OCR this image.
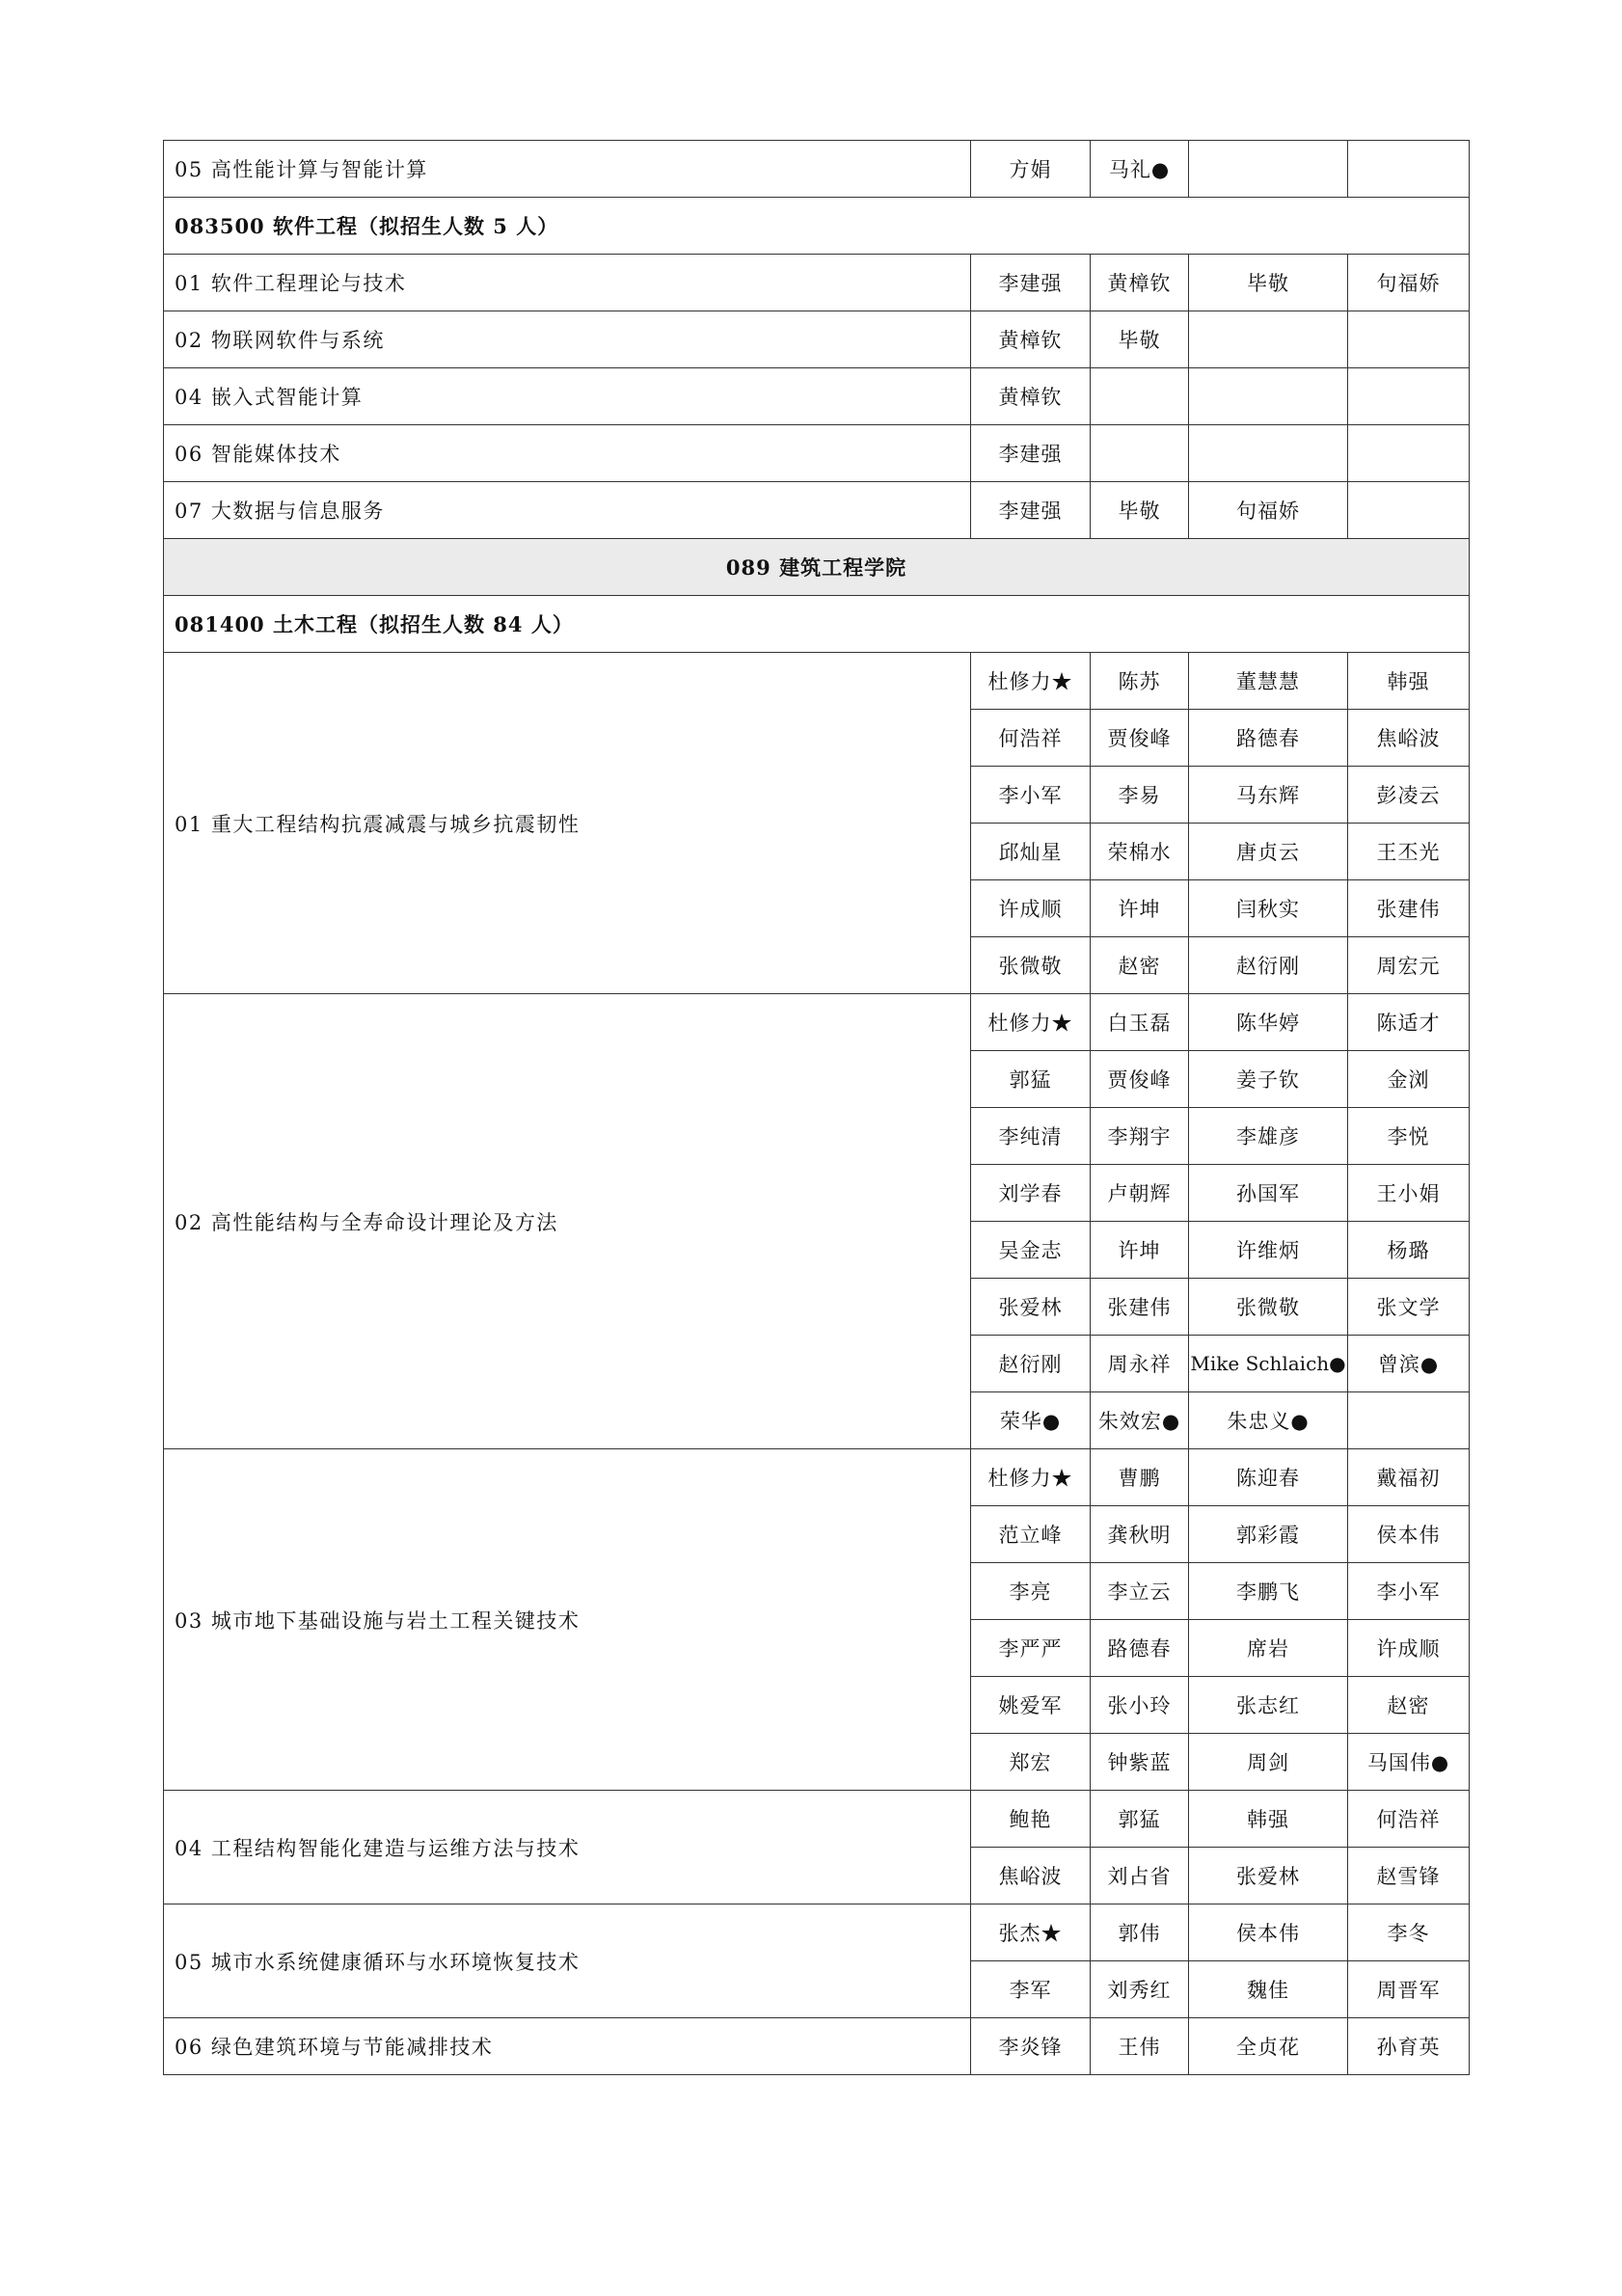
05 高性能计算与智能计算	方娟	马礼●		
083500 软件工程（拟招生人数 5 人）				
01 软件工程理论与技术	李建强	黄樟钦	毕敬	句福娇
02 物联网软件与系统	黄樟钦	毕敬		
04 嵌入式智能计算	黄樟钦			
06 智能媒体技术	李建强			
07 大数据与信息服务	李建强	毕敬	句福娇	
089 建筑工程学院				
081400 土木工程（拟招生人数 84 人）				
01 重大工程结构抗震减震与城乡抗震韧性	杜修力★	陈苏	董慧慧	韩强
	何浩祥	贾俊峰	路德春	焦峪波
	李小军	李易	马东辉	彭凌云
	邱灿星	荣棉水	唐贞云	王丕光
	许成顺	许坤	闫秋实	张建伟
	张微敬	赵密	赵衍刚	周宏元
02 高性能结构与全寿命设计理论及方法	杜修力★	白玉磊	陈华婷	陈适才
	郭猛	贾俊峰	姜子钦	金浏
	李纯清	李翔宇	李雄彦	李悦
	刘学春	卢朝辉	孙国军	王小娟
	吴金志	许坤	许维炳	杨璐
	张爱林	张建伟	张微敬	张文学
	赵衍刚	周永祥	Mike Schlaich●	曾滨●
	荣华●	朱效宏●	朱忠义●	
03 城市地下基础设施与岩土工程关键技术	杜修力★	曹鹏	陈迎春	戴福初
	范立峰	龚秋明	郭彩霞	侯本伟
	李亮	李立云	李鹏飞	李小军
	李严严	路德春	席岩	许成顺
	姚爱军	张小玲	张志红	赵密
	郑宏	钟紫蓝	周剑	马国伟●
04 工程结构智能化建造与运维方法与技术	鲍艳	郭猛	韩强	何浩祥
	焦峪波	刘占省	张爱林	赵雪锋
05 城市水系统健康循环与水环境恢复技术	张杰★	郭伟	侯本伟	李冬
	李军	刘秀红	魏佳	周晋军
06 绿色建筑环境与节能减排技术	李炎锋	王伟	全贞花	孙育英
